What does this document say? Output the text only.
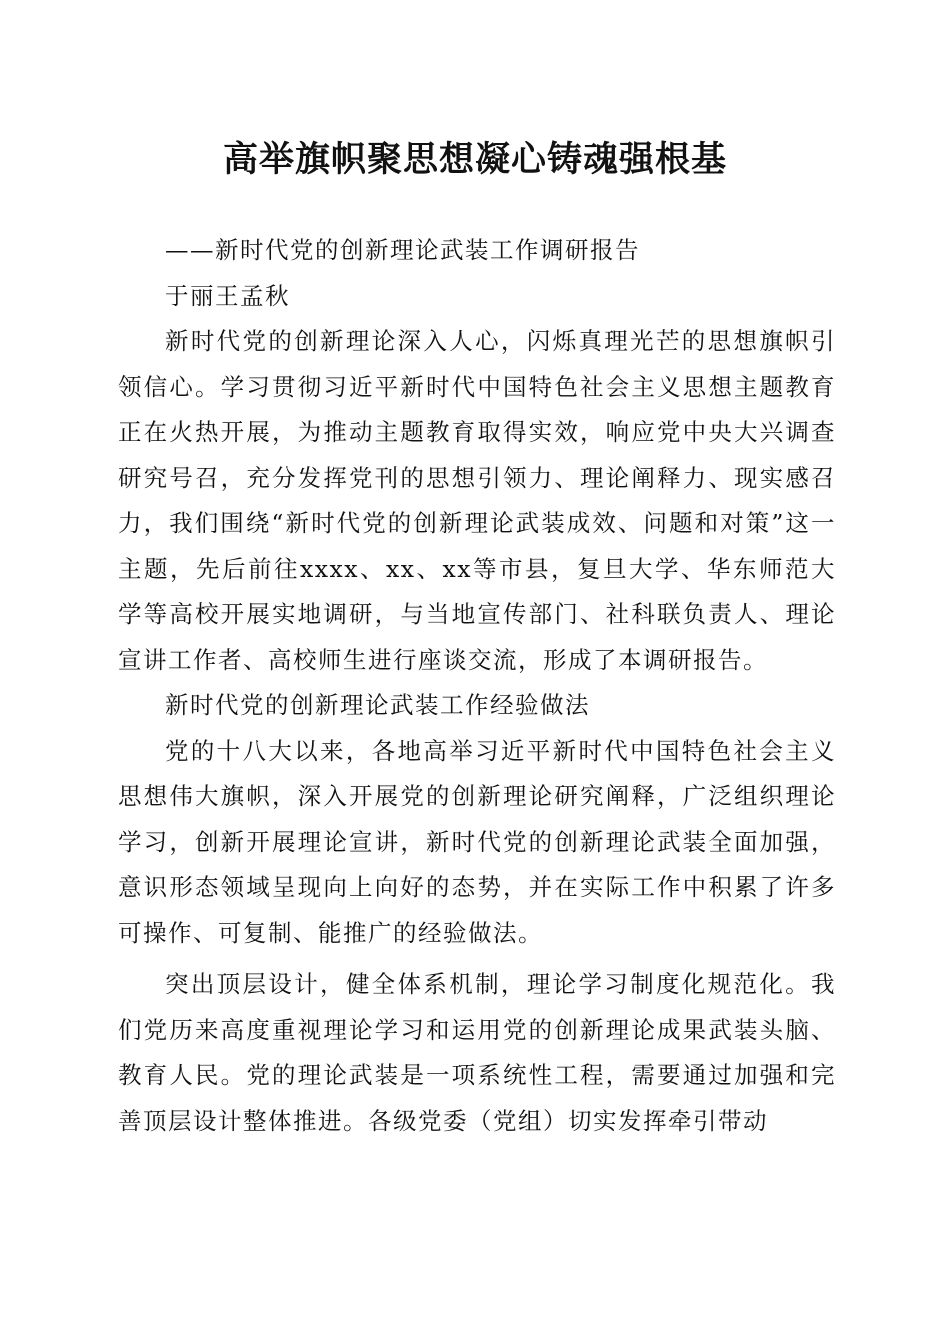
高举旗帜聚思想凝心铸魂强根基

——新时代党的创新理论武装工作调研报告

于丽王孟秋

新时代党的创新理论深入人心，闪烁真理光芒的思想旗帜引领信心。学习贯彻习近平新时代中国特色社会主义思想主题教育正在火热开展，为推动主题教育取得实效，响应党中央大兴调查研究号召，充分发挥党刊的思想引领力、理论阐释力、现实感召力，我们围绕“新时代党的创新理论武装成效、问题和对策”这一主题，先后前往xxxx、xx、xx等市县，复旦大学、华东师范大学等高校开展实地调研，与当地宣传部门、社科联负责人、理论宣讲工作者、高校师生进行座谈交流，形成了本调研报告。

新时代党的创新理论武装工作经验做法

党的十八大以来，各地高举习近平新时代中国特色社会主义思想伟大旗帜，深入开展党的创新理论研究阐释，广泛组织理论学习，创新开展理论宣讲，新时代党的创新理论武装全面加强，意识形态领域呈现向上向好的态势，并在实际工作中积累了许多可操作、可复制、能推广的经验做法。

突出顶层设计，健全体系机制，理论学习制度化规范化。我们党历来高度重视理论学习和运用党的创新理论成果武装头脑、教育人民。党的理论武装是一项系统性工程，需要通过加强和完善顶层设计整体推进。各级党委（党组）切实发挥牵引带动
